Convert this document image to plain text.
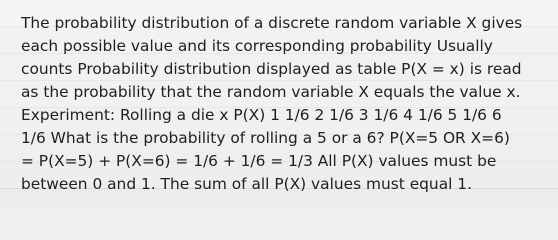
The probability distribution of a discrete random variable X gives
each possible value and its corresponding probability Usually
counts Probability distribution displayed as table P(X = x) is read
as the probability that the random variable X equals the value x.
Experiment: Rolling a die x P(X) 1 1/6 2 1/6 3 1/6 4 1/6 5 1/6 6
1/6 What is the probability of rolling a 5 or a 6? P(X=5 OR X=6)
= P(X=5) + P(X=6) = 1/6 + 1/6 = 1/3 All P(X) values must be
between 0 and 1. The sum of all P(X) values must equal 1.
